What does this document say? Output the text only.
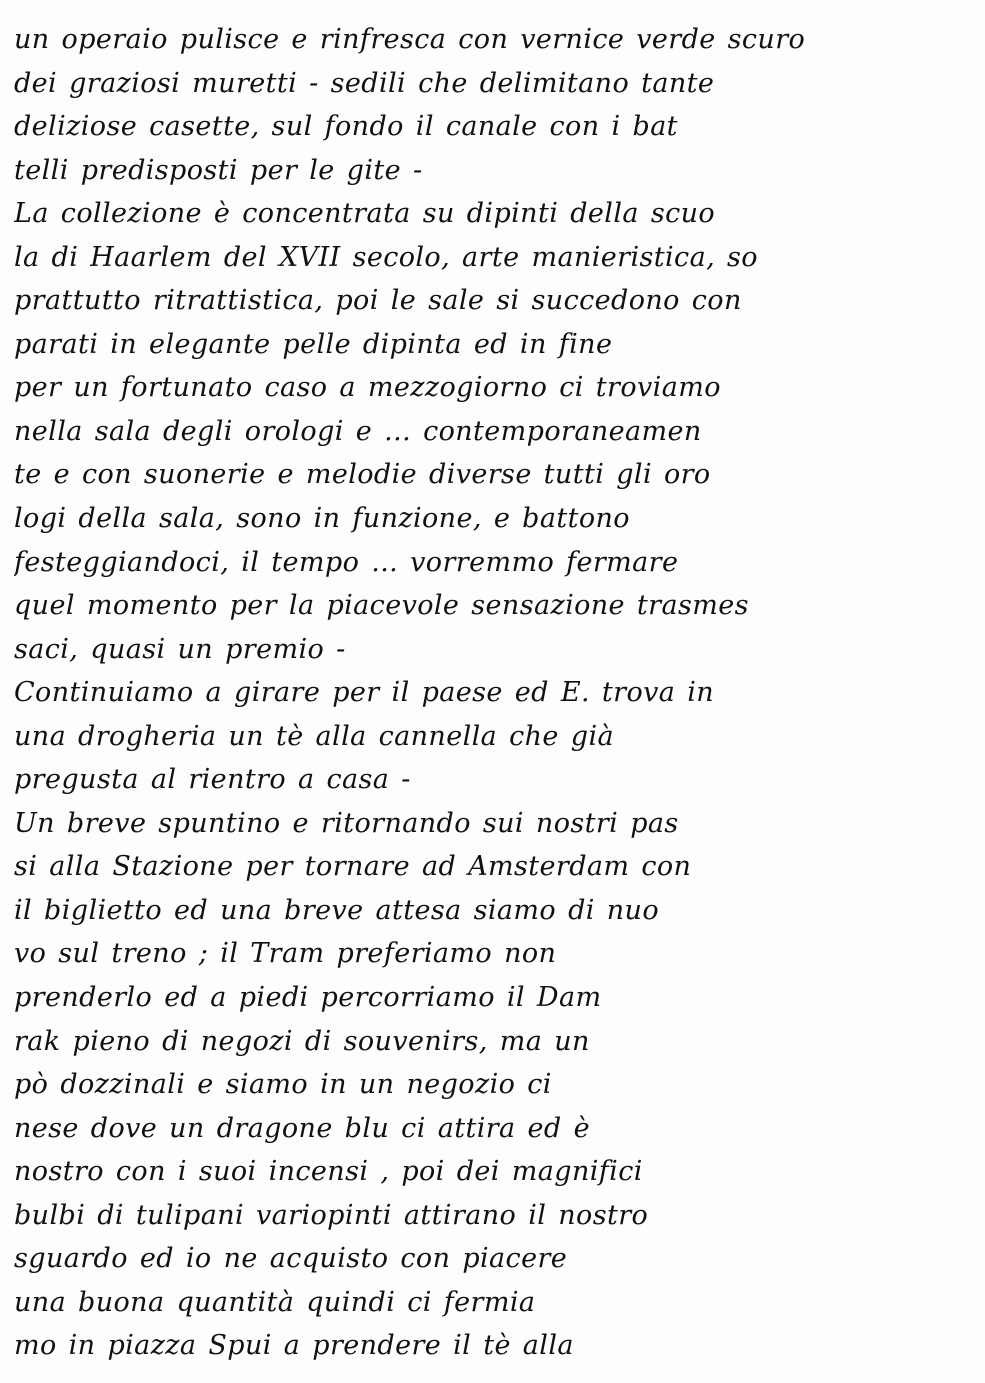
un operaio pulisce e rinfresca con vernice verde scuro
dei graziosi muretti - sedili che delimitano tante
deliziose casette, sul fondo il canale con i bat
telli predisposti per le gite -
La collezione è concentrata su dipinti della scuo
la di Haarlem del XVII secolo, arte manieristica, so
prattutto ritrattistica, poi le sale si succedono con
parati in elegante pelle dipinta ed in fine
per un fortunato caso a mezzogiorno ci troviamo
nella sala degli orologi e ... contemporaneamen
te e con suonerie e melodie diverse tutti gli oro
logi della sala, sono in funzione, e battono
festeggiandoci, il tempo ... vorremmo fermare
quel momento per la piacevole sensazione trasmes
saci, quasi un premio -
Continuiamo a girare per il paese ed E. trova in
una drogheria un tè alla cannella che già
pregusta al rientro a casa -
Un breve spuntino e ritornando sui nostri pas
si alla Stazione per tornare ad Amsterdam con
il biglietto ed una breve attesa siamo di nuo
vo sul treno ; il Tram preferiamo non
prenderlo ed a piedi percorriamo il Dam
rak pieno di negozi di souvenirs, ma un
pò dozzinali e siamo in un negozio ci
nese dove un dragone blu ci attira ed è
nostro con i suoi incensi , poi dei magnifici
bulbi di tulipani variopinti attirano il nostro
sguardo ed io ne acquisto con piacere
una buona quantità quindi ci fermia
mo in piazza Spui a prendere il tè alla
